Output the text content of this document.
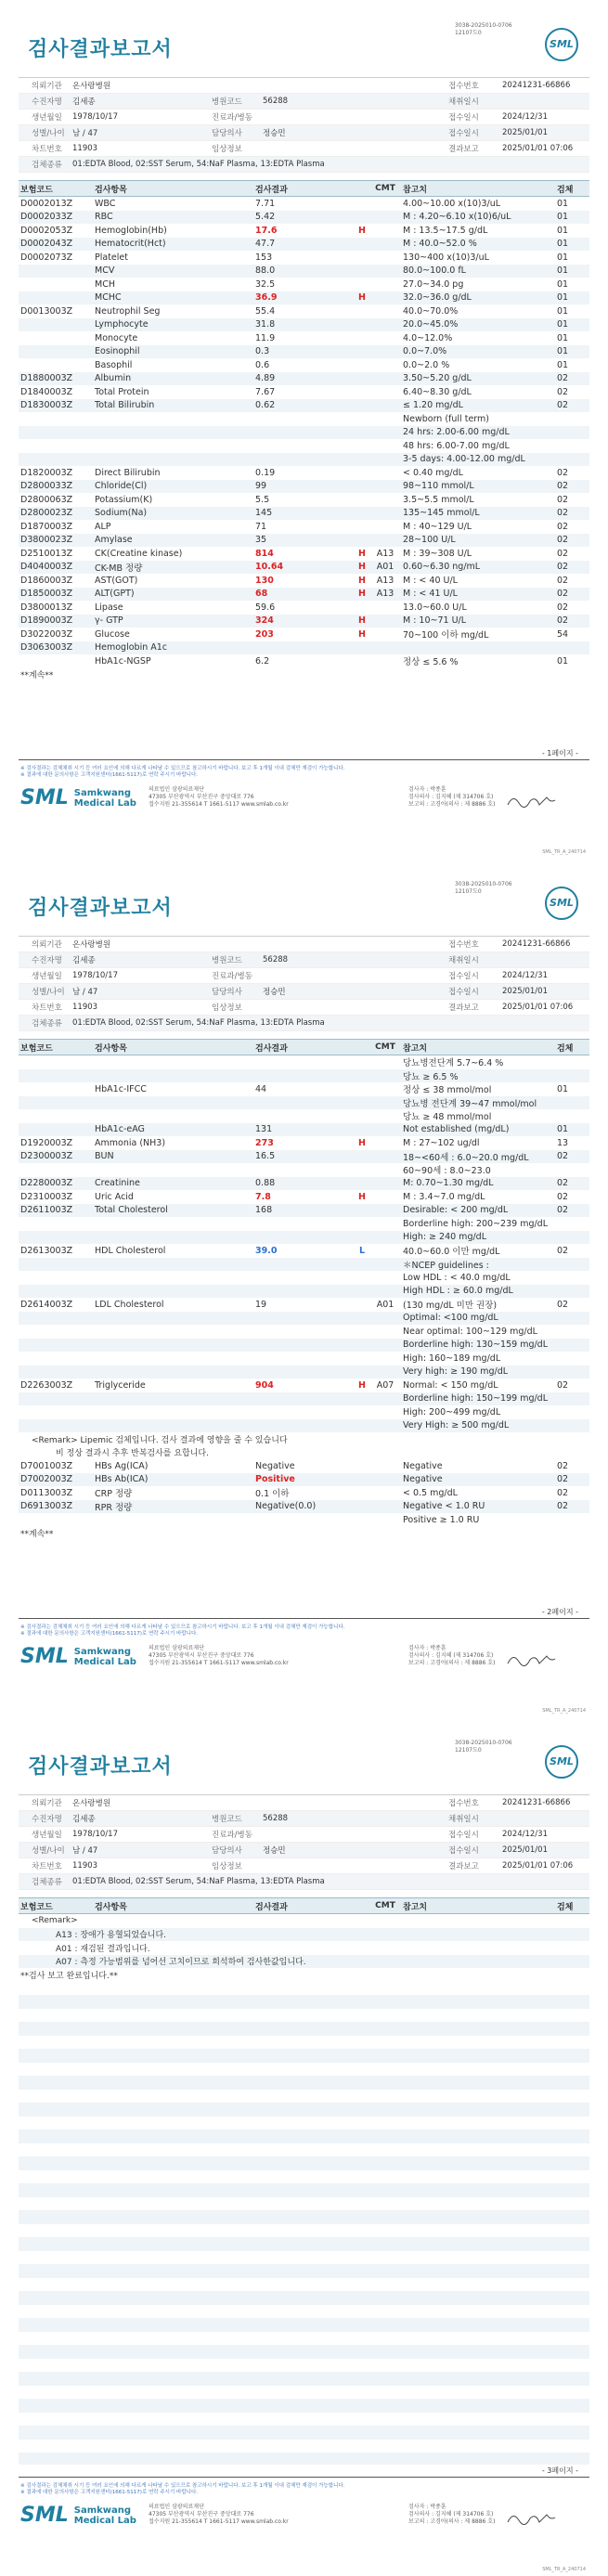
3038-2025010-0706
12107도0
검사결과보고서	SML
의뢰기관	온사랑병원	접수번호	20241231-66866
수진자명	김세종	병원코드	56288	채취일시
생년월일	1978/10/17	진료과/병동	접수일시	2024/12/31
성별/나이 남 / 47	담당의사	정승민	접수일시	2025/01/01
차트번호	11903	임상정보	결과보고	2025/01/01 07:06
검체종류	01:EDTA Blood, 02:SST Serum, 54:NaF Plasma, 13:EDTA Plasma
보험코드	검사항목	검사결과	CMT 참고치	검체
D0002013Z	WBC	7.71	4.00~10.00 x(10)3/uL	01
D0002033Z	RBC	5.42	M : 4.20~6.10 x(10)6/uL	01
D0002053Z	Hemoglobin(Hb)	17.6	H	M : 13.5~17.5 g/dL	01
D0002043Z	Hematocrit(Hct)	47.7	M : 40.0~52.0 %	01
D0002073Z	Platelet	153	130~400 x(10)3/uL	01
MCV	88.0	80.0~100.0 fL	01
MCH	32.5	27.0~34.0 pg	01
MCHC	36.9	H	32.0~36.0 g/dL	01
D0013003Z	Neutrophil Seg	55.4	40.0~70.0%	01
Lymphocyte	31.8	20.0~45.0%	01
Monocyte	11.9	4.0~12.0%	01
Eosinophil	0.3	0.0~7.0%	01
Basophil	0.6	0.0~2.0 %	01
D1880003Z	Albumin	4.89	3.50~5.20 g/dL	02
D1840003Z	Total Protein	7.67	6.40~8.30 g/dL	02
D1830003Z	Total Bilirubin	0.62	≤ 1.20 mg/dL	02
Newborn (full term)
24 hrs: 2.00-6.00 mg/dL
48 hrs: 6.00-7.00 mg/dL
3-5 days: 4.00-12.00 mg/dL
D1820003Z	Direct Bilirubin	0.19	< 0.40 mg/dL	02
D2800033Z	Chloride(Cl)	99	98~110 mmol/L	02
D2800063Z	Potassium(K)	5.5	3.5~5.5 mmol/L	02
D2800023Z	Sodium(Na)	145	135~145 mmol/L	02
D1870003Z	ALP	71	M : 40~129 U/L	02
D3800023Z	Amylase	35	28~100 U/L	02
D2510013Z	CK(Creatine kinase)	814	H	A13	M : 39~308 U/L	02
D4040003Z	CK-MB 정량	10.64	H	A01	0.60~6.30 ng/mL	02
D1860003Z	AST(GOT)	130	H	A13	M : < 40 U/L	02
D1850003Z	ALT(GPT)	68	H	A13	M : < 41 U/L	02
D3800013Z	Lipase	59.6	13.0~60.0 U/L	02
D1890003Z	γ- GTP	324	H	M : 10~71 U/L	02
D3022003Z	Glucose	203	H	70~100 이하 mg/dL	54
D3063003Z	Hemoglobin A1c
HbA1c-NGSP	6.2	정상 ≤ 5.6 %	01
**계속**
- 1페이지 -
※ 검사결과는 검체채취 시기 등 여러 요인에 의해 다르게 나타날 수 있으므로 참고하시기 바랍니다. 보고 후 1개월 이내 검체만 재검이 가능합니다.
※ 결과에 대한 문의사항은 고객지원센터(1661-5117)로 연락 주시기 바랍니다.
SML Samkwang
Medical Lab
의료법인 삼광의료재단
47305 부산광역시 부산진구 중앙대로 776
접수지원 21-355614 T 1661-5117 www.smlab.co.kr
검사자 : 박종훈
검사의사 : 김지혜 (제 314706 호)
보고의 : 고경아(의사 : 제 8886 호)
SML_TR_A_240714
3038-2025010-0706
12107도0
검사결과보고서	SML
의뢰기관	온사랑병원	접수번호	20241231-66866
수진자명	김세종	병원코드	56288	채취일시
생년월일	1978/10/17	진료과/병동	접수일시	2024/12/31
성별/나이 남 / 47	담당의사	정승민	접수일시	2025/01/01
차트번호	11903	임상정보	결과보고	2025/01/01 07:06
검체종류	01:EDTA Blood, 02:SST Serum, 54:NaF Plasma, 13:EDTA Plasma
보험코드	검사항목	검사결과	CMT 참고치	검체
당뇨병전단계 5.7~6.4 %
당뇨 ≥ 6.5 %
HbA1c-IFCC	44	정상 ≤ 38 mmol/mol	01
당뇨병 전단계 39~47 mmol/mol
당뇨 ≥ 48 mmol/mol
HbA1c-eAG	131	Not established (mg/dL)	01
D1920003Z	Ammonia (NH3)	273	H	M : 27~102 ug/dl	13
D2300003Z	BUN	16.5	18~<60세 : 6.0~20.0 mg/dL	02
60~90세 : 8.0~23.0
D2280003Z	Creatinine	0.88	M: 0.70~1.30 mg/dL	02
D2310003Z	Uric Acid	7.8	H	M : 3.4~7.0 mg/dL	02
D2611003Z	Total Cholesterol	168	Desirable: < 200 mg/dL	02
Borderline high: 200~239 mg/dL
High: ≥ 240 mg/dL
D2613003Z	HDL Cholesterol	39.0	L	40.0~60.0 이만 mg/dL	02
＊NCEP guidelines :
Low HDL : < 40.0 mg/dL
High HDL : ≥ 60.0 mg/dL
D2614003Z	LDL Cholesterol	19	A01	(130 mg/dL 미만 권장)	02
Optimal: <100 mg/dL
Near optimal: 100~129 mg/dL
Borderline high: 130~159 mg/dL
High: 160~189 mg/dL
Very high: ≥ 190 mg/dL
D2263003Z	Triglyceride	904	H	A07	Normal: < 150 mg/dL	02
Borderline high: 150~199 mg/dL
High: 200~499 mg/dL
Very High: ≥ 500 mg/dL
<Remark> Lipemic 검체입니다. 검사 결과에 영향을 줄 수 있습니다
비 정상 결과시 추후 반복검사를 요합니다.
D7001003Z	HBs Ag(ICA)	Negative	Negative	02
D7002003Z	HBs Ab(ICA)	Positive	Negative	02
D0113003Z	CRP 정량	0.1 이하	< 0.5 mg/dL	02
D6913003Z	RPR 정량	Negative(0.0)	Negative < 1.0 RU	02
Positive ≥ 1.0 RU
**계속**
- 2페이지 -
※ 검사결과는 검체채취 시기 등 여러 요인에 의해 다르게 나타날 수 있으므로 참고하시기 바랍니다. 보고 후 1개월 이내 검체만 재검이 가능합니다.
※ 결과에 대한 문의사항은 고객지원센터(1661-5117)로 연락 주시기 바랍니다.
SML Samkwang
Medical Lab
의료법인 삼광의료재단
47305 부산광역시 부산진구 중앙대로 776
접수지원 21-355614 T 1661-5117 www.smlab.co.kr
검사자 : 박종훈
검사의사 : 김지혜 (제 314706 호)
보고의 : 고경아(의사 : 제 8886 호)
SML_TR_A_240714
3038-2025010-0706
12107도0
검사결과보고서	SML
의뢰기관	온사랑병원	접수번호	20241231-66866
수진자명	김세종	병원코드	56288	채취일시
생년월일	1978/10/17	진료과/병동	접수일시	2024/12/31
성별/나이 남 / 47	담당의사	정승민	접수일시	2025/01/01
차트번호	11903	임상정보	결과보고	2025/01/01 07:06
검체종류	01:EDTA Blood, 02:SST Serum, 54:NaF Plasma, 13:EDTA Plasma
보험코드	검사항목	검사결과	CMT 참고치	검체
<Remark>
A13 : 장애가 용혈되었습니다.
A01 : 재검된 결과입니다.
A07 : 측정 가능범위를 넘어선 고치이므로 희석하여 검사한값입니다.
**검사 보고 완료입니다.**
- 3페이지 -
※ 검사결과는 검체채취 시기 등 여러 요인에 의해 다르게 나타날 수 있으므로 참고하시기 바랍니다. 보고 후 1개월 이내 검체만 재검이 가능합니다.
※ 결과에 대한 문의사항은 고객지원센터(1661-5117)로 연락 주시기 바랍니다.
SML Samkwang
Medical Lab
의료법인 삼광의료재단
47305 부산광역시 부산진구 중앙대로 776
접수지원 21-355614 T 1661-5117 www.smlab.co.kr
검사자 : 박종훈
검사의사 : 김지혜 (제 314706 호)
보고의 : 고경아(의사 : 제 8886 호)
SML_TR_A_240714
